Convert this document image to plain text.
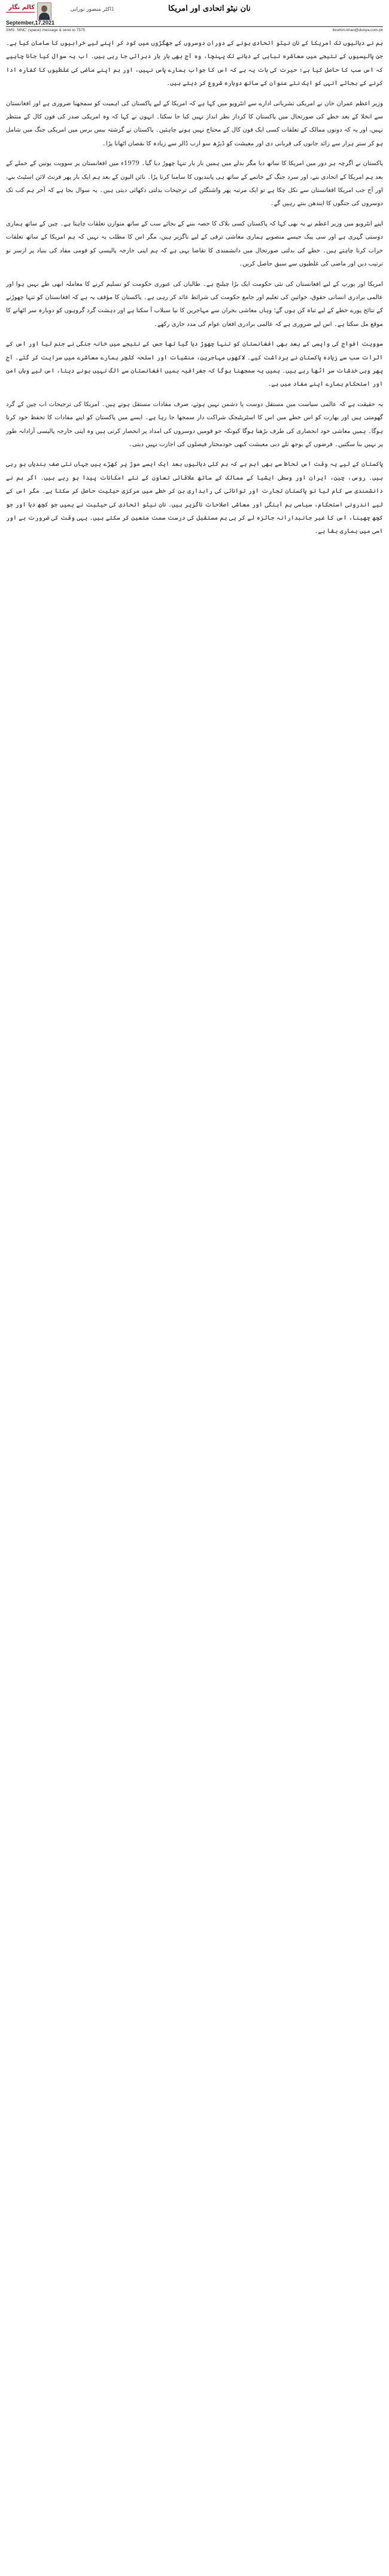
کالم نگار	ڈاکٹر منصور نورانی	نان نیٹو اتحادی اور امریکا
September,17,2021
SMS: 'MNC' (space) message & send to 7575	ibrahim.khan@dunya.com.pk

ہم نے دہائیوں تک امریکا کے نان نیٹو اتحادی ہونے کے دوران دوسروں کے جھگڑوں میں کود کر اپنے لیے خرابیوں کا سامان کیا ہے۔ جن پالیسیوں کے نتیجے میں معاشرہ تباہی کے دہانے تک پہنچا، وہ آج بھی بار بار دہرائی جا رہی ہیں۔ اب یہ سوال کیا جانا چاہیے کہ اس سب کا حاصل کیا ہے؛ حیرت کی بات یہ ہے کہ اس کا جواب ہمارے پاس نہیں، اور ہم اپنے ماضی کی غلطیوں کا کفارہ ادا کرنے کے بجائے انہی کو ایک نئے عنوان کے ساتھ دوبارہ شروع کر دیتے ہیں۔

وزیر اعظم عمران خان نے امریکی نشریاتی ادارے سے انٹرویو میں کہا ہے کہ امریکا کے لیے پاکستان کی اہمیت کو سمجھنا ضروری ہے اور افغانستان سے انخلا کے بعد خطے کی صورتحال میں پاکستان کا کردار نظر انداز نہیں کیا جا سکتا۔ انہوں نے کہا کہ وہ امریکی صدر کی فون کال کے منتظر نہیں، اور یہ کہ دونوں ممالک کے تعلقات کسی ایک فون کال کے محتاج نہیں ہونے چاہئیں۔ پاکستان نے گزشتہ بیس برس میں امریکی جنگ میں شامل ہو کر ستر ہزار سے زائد جانوں کی قربانی دی اور معیشت کو ڈیڑھ سو ارب ڈالر سے زیادہ کا نقصان اٹھانا پڑا۔

پاکستان نے اگرچہ ہر دور میں امریکا کا ساتھ دیا مگر بدلے میں ہمیں بار بار تنہا چھوڑ دیا گیا۔ 1979ء میں افغانستان پر سوویت یونین کے حملے کے بعد ہم امریکا کے اتحادی بنے، اور سرد جنگ کے خاتمے کے ساتھ ہی پابندیوں کا سامنا کرنا پڑا۔ نائن الیون کے بعد ہم ایک بار پھر فرنٹ لائن اسٹیٹ بنے، اور آج جب امریکا افغانستان سے نکل چکا ہے تو ایک مرتبہ پھر واشنگٹن کی ترجیحات بدلتی دکھائی دیتی ہیں۔ یہ سوال بجا ہے کہ آخر ہم کب تک دوسروں کی جنگوں کا ایندھن بنتے رہیں گے۔

اپنے انٹرویو میں وزیر اعظم نے یہ بھی کہا کہ پاکستان کسی بلاک کا حصہ بننے کے بجائے سب کے ساتھ متوازن تعلقات چاہتا ہے۔ چین کے ساتھ ہماری دوستی گہری ہے اور سی پیک جیسے منصوبے ہماری معاشی ترقی کے لیے ناگزیر ہیں، مگر اس کا مطلب یہ نہیں کہ ہم امریکا کے ساتھ تعلقات خراب کرنا چاہتے ہیں۔ خطے کی بدلتی صورتحال میں دانشمندی کا تقاضا یہی ہے کہ ہم اپنی خارجہ پالیسی کو قومی مفاد کی بنیاد پر ازسر نو ترتیب دیں اور ماضی کی غلطیوں سے سبق حاصل کریں۔

امریکا اور یورپ کے لیے افغانستان کی نئی حکومت ایک بڑا چیلنج ہے۔ طالبان کی عبوری حکومت کو تسلیم کرنے کا معاملہ ابھی طے نہیں ہوا اور عالمی برادری انسانی حقوق، خواتین کی تعلیم اور جامع حکومت کی شرائط عائد کر رہی ہے۔ پاکستان کا مؤقف یہ ہے کہ افغانستان کو تنہا چھوڑنے کے نتائج پورے خطے کے لیے تباہ کن ہوں گے؛ وہاں معاشی بحران سے مہاجرین کا نیا سیلاب آ سکتا ہے اور دہشت گرد گروہوں کو دوبارہ سر اٹھانے کا موقع مل سکتا ہے۔ اس لیے ضروری ہے کہ عالمی برادری افغان عوام کی مدد جاری رکھے۔

سوویت افواج کی واپسی کے بعد بھی افغانستان کو تنہا چھوڑ دیا گیا تھا جس کے نتیجے میں خانہ جنگی نے جنم لیا اور اس کے اثرات سب سے زیادہ پاکستان نے برداشت کیے۔ لاکھوں مہاجرین، منشیات اور اسلحہ کلچر ہمارے معاشرے میں سرایت کر گئے۔ آج پھر وہی خدشات سر اٹھا رہے ہیں۔ ہمیں یہ سمجھنا ہوگا کہ جغرافیہ ہمیں افغانستان سے الگ نہیں ہونے دیتا، اس لیے وہاں امن اور استحکام ہمارے اپنے مفاد میں ہے۔

یہ حقیقت ہے کہ عالمی سیاست میں مستقل دوست یا دشمن نہیں ہوتے، صرف مفادات مستقل ہوتے ہیں۔ امریکا کی ترجیحات اب چین کے گرد گھومتی ہیں اور بھارت کو اس خطے میں اس کا اسٹریٹیجک شراکت دار سمجھا جا رہا ہے۔ ایسے میں پاکستان کو اپنے مفادات کا تحفظ خود کرنا ہوگا۔ ہمیں معاشی خود انحصاری کی طرف بڑھنا ہوگا کیونکہ جو قومیں دوسروں کی امداد پر انحصار کرتی ہیں وہ اپنی خارجہ پالیسی آزادانہ طور پر نہیں بنا سکتیں۔ قرضوں کے بوجھ تلے دبی معیشت کبھی خودمختار فیصلوں کی اجازت نہیں دیتی۔

پاکستان کے لیے یہ وقت اس لحاظ سے بھی اہم ہے کہ ہم کئی دہائیوں بعد ایک ایسے موڑ پر کھڑے ہیں جہاں نئی صف بندیاں ہو رہی ہیں۔ روس، چین، ایران اور وسطی ایشیا کے ممالک کے ساتھ علاقائی تعاون کے نئے امکانات پیدا ہو رہے ہیں۔ اگر ہم نے دانشمندی سے کام لیا تو پاکستان تجارت اور توانائی کی راہداری بن کر خطے میں مرکزی حیثیت حاصل کر سکتا ہے۔ مگر اس کے لیے اندرونی استحکام، سیاسی ہم آہنگی اور معاشی اصلاحات ناگزیر ہیں۔ نان نیٹو اتحادی کی حیثیت نے ہمیں جو کچھ دیا اور جو کچھ چھینا، اس کا غیر جانبدارانہ جائزہ لے کر ہی ہم مستقبل کی درست سمت متعین کر سکتے ہیں۔ یہی وقت کی ضرورت ہے اور اسی میں ہماری بقا ہے۔
